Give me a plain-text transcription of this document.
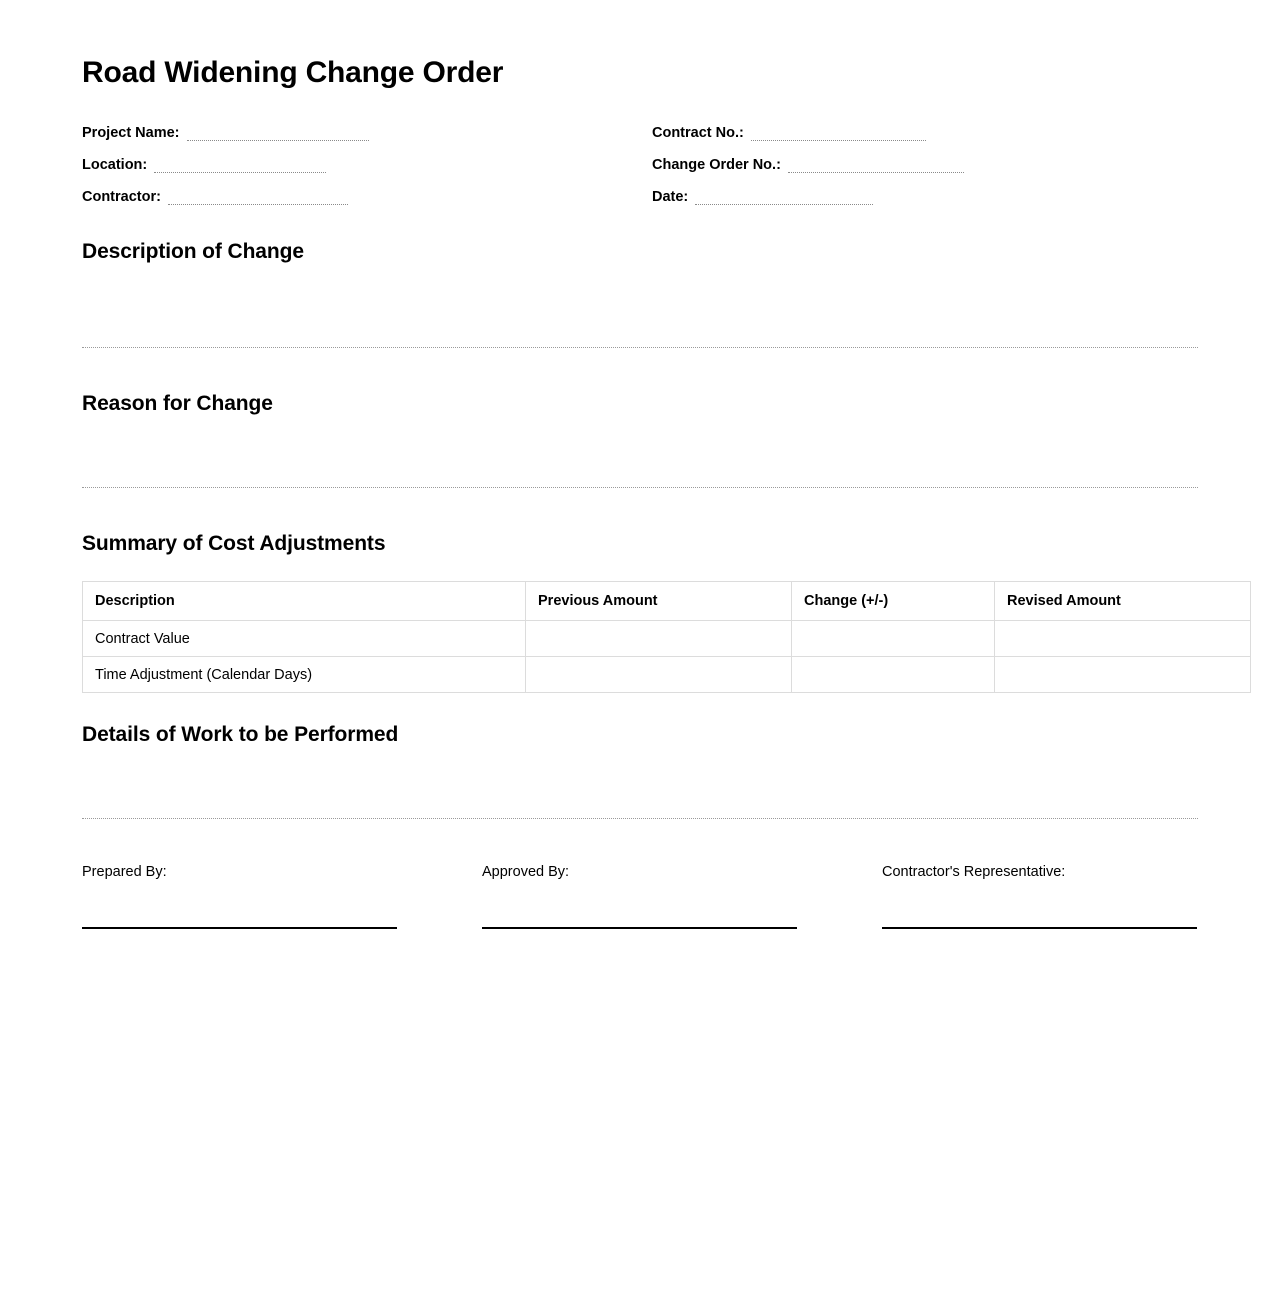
Road Widening Change Order
Project Name:	Contract No.:
Location:	Change Order No.:
Contractor:	Date:
Description of Change
Reason for Change
Summary of Cost Adjustments
Description	Previous Amount	Change (+/-)	Revised Amount
Contract Value			
Time Adjustment (Calendar Days)			
Details of Work to be Performed
Prepared By:	Approved By:	Contractor's Representative:
